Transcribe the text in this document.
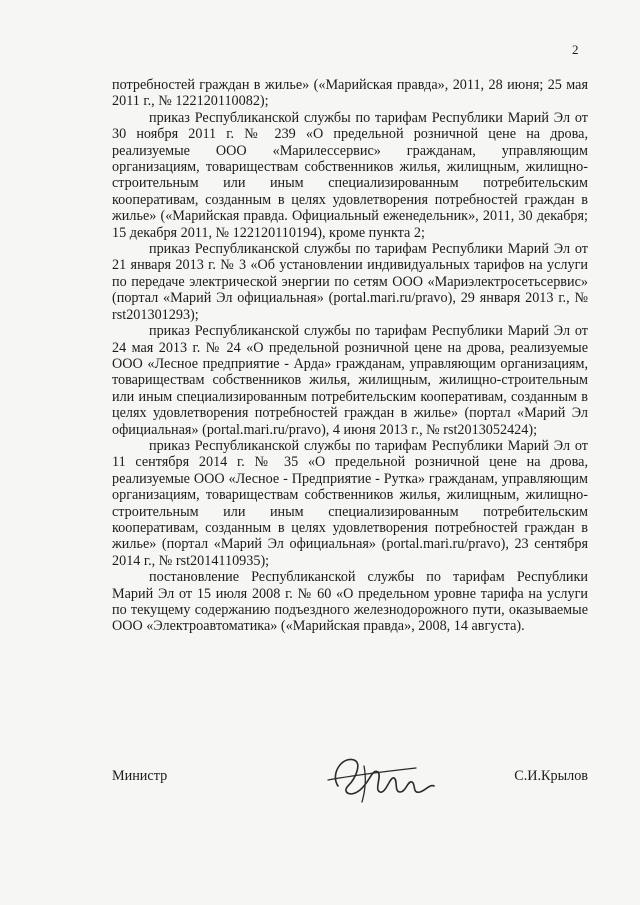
2

потребностей граждан в жилье» («Марийская правда», 2011, 28 июня; 25 мая 2011 г., № 122120110082);

приказ Республиканской службы по тарифам Республики Марий Эл от 30 ноября 2011 г. № 239 «О предельной розничной цене на дрова, реализуемые ООО «Марилессервис» гражданам, управляющим организациям, товариществам собственников жилья, жилищным, жилищно-строительным или иным специализированным потребительским кооперативам, созданным в целях удовлетворения потребностей граждан в жилье» («Марийская правда. Официальный еженедельник», 2011, 30 декабря; 15 декабря 2011, № 122120110194), кроме пункта 2;

приказ Республиканской службы по тарифам Республики Марий Эл от 21 января 2013 г. № 3 «Об установлении индивидуальных тарифов на услуги по передаче электрической энергии по сетям ООО «Мариэлектросетьсервис» (портал «Марий Эл официальная» (portal.mari.ru/pravo), 29 января 2013 г., № rst201301293);

приказ Республиканской службы по тарифам Республики Марий Эл от 24 мая 2013 г. № 24 «О предельной розничной цене на дрова, реализуемые ООО «Лесное предприятие - Арда» гражданам, управляющим организациям, товариществам собственников жилья, жилищным, жилищно-строительным или иным специализированным потребительским кооперативам, созданным в целях удовлетворения потребностей граждан в жилье» (портал «Марий Эл официальная» (portal.mari.ru/pravo), 4 июня 2013 г., № rst2013052424);

приказ Республиканской службы по тарифам Республики Марий Эл от 11 сентября 2014 г. № 35 «О предельной розничной цене на дрова, реализуемые ООО «Лесное - Предприятие - Рутка» гражданам, управляющим организациям, товариществам собственников жилья, жилищным, жилищно-строительным или иным специализированным потребительским кооперативам, созданным в целях удовлетворения потребностей граждан в жилье» (портал «Марий Эл официальная» (portal.mari.ru/pravo), 23 сентября 2014 г., № rst2014110935);

постановление Республиканской службы по тарифам Республики Марий Эл от 15 июля 2008 г. № 60 «О предельном уровне тарифа на услуги по текущему содержанию подъездного железнодорожного пути, оказываемые ООО «Электроавтоматика» («Марийская правда», 2008, 14 августа).

Министр	С.И.Крылов
